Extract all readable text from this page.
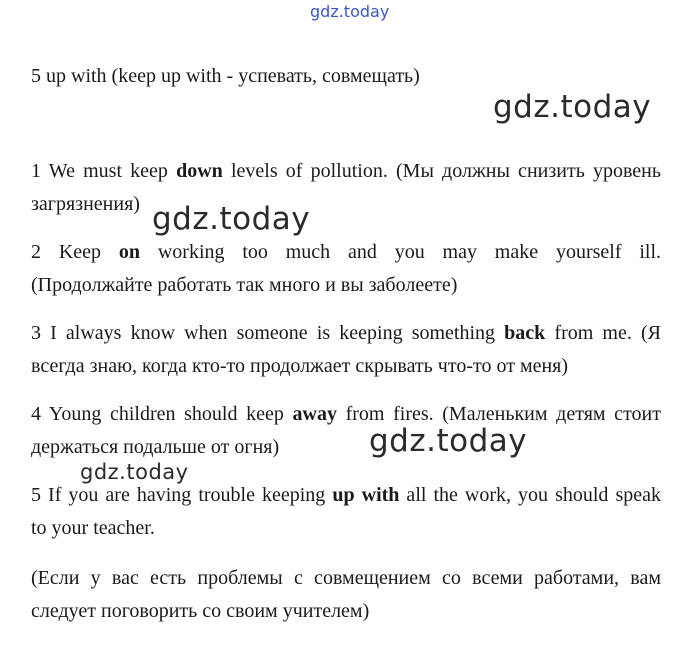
gdz.today
5 up with (keep up with - успевать, совмещать)
gdz.today
1 We must keep down levels of pollution. (Мы должны снизить уровень
загрязнения) gdz.today
2 Keep on working too much and you may make yourself ill.
(Продолжайте работать так много и вы заболеете)
3 I always know when someone is keeping something back from me. (Я
всегда знаю, когда кто-то продолжает скрывать что-то от меня)
4 Young children should keep away from fires. (Маленьким детям стоит
держаться подальше от огня)	gdz.today
gdz.today
5 If you are having trouble keeping up with all the work, you should speak
to your teacher.
(Если у вас есть проблемы с совмещением со всеми работами, вам
следует поговорить со своим учителем)
